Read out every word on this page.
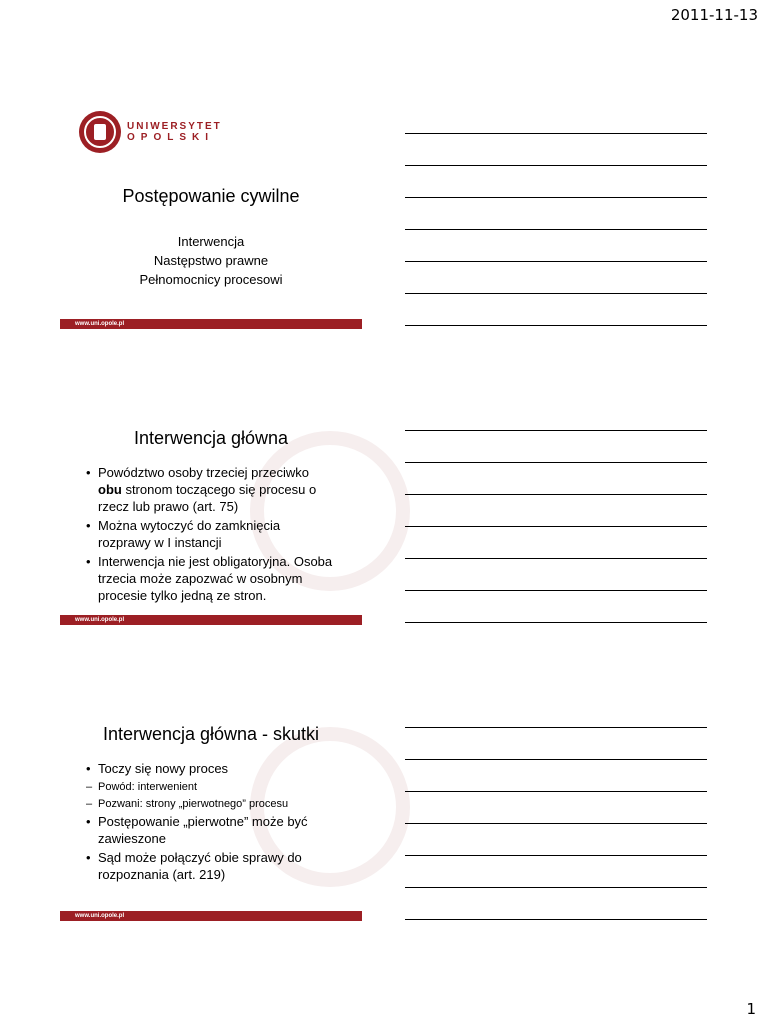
2011-11-13
UNIWERSYTET
OPOLSKI
Postępowanie cywilne
Interwencja
Następstwo prawne
Pełnomocnicy procesowi
www.uni.opole.pl
Interwencja główna
• Powództwo osoby trzeciej przeciwko obu stronom toczącego się procesu o rzecz lub prawo (art. 75)
• Można wytoczyć do zamknięcia rozprawy w I instancji
• Interwencja nie jest obligatoryjna. Osoba trzecia może zapozwać w osobnym procesie tylko jedną ze stron.
www.uni.opole.pl
Interwencja główna - skutki
• Toczy się nowy proces
– Powód: interwenient
– Pozwani: strony „pierwotnego” procesu
• Postępowanie „pierwotne” może być zawieszone
• Sąd może połączyć obie sprawy do rozpoznania (art. 219)
www.uni.opole.pl
1
